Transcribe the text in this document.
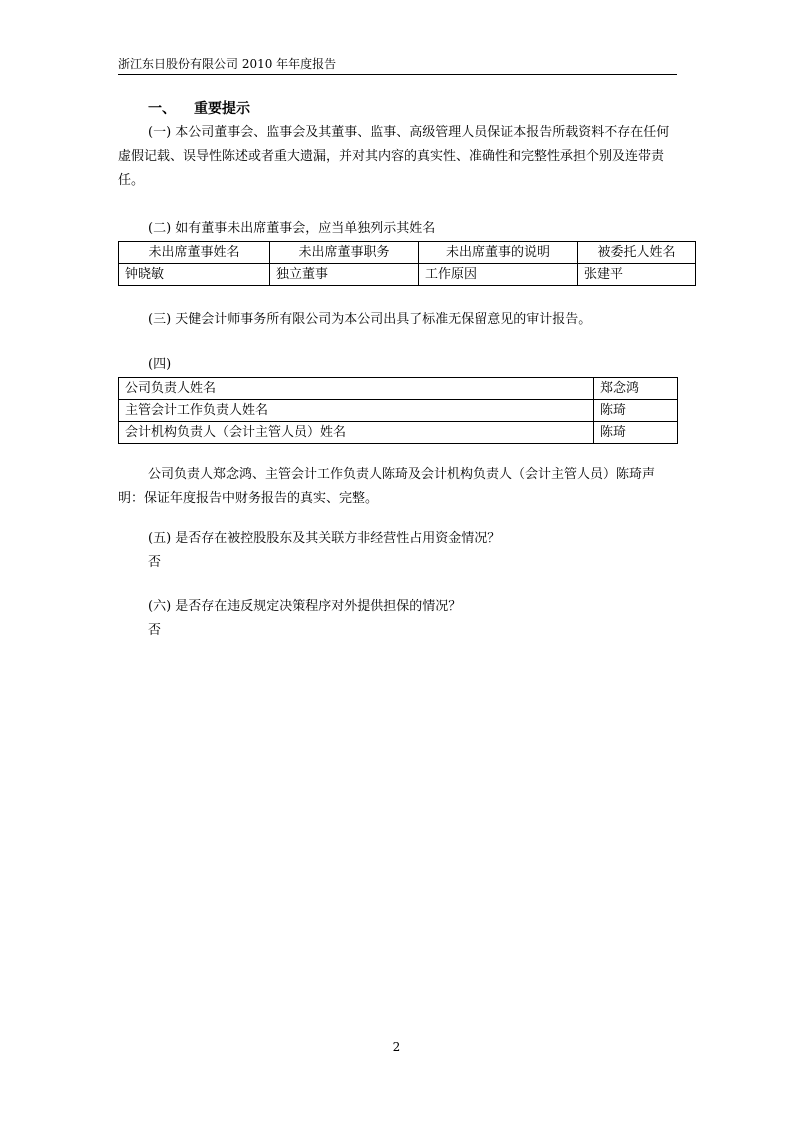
浙江东日股份有限公司 2010 年年度报告
一、 重要提示
(一) 本公司董事会、监事会及其董事、监事、高级管理人员保证本报告所载资料不存在任何虚假记载、误导性陈述或者重大遗漏，并对其内容的真实性、准确性和完整性承担个别及连带责任。
(二) 如有董事未出席董事会，应当单独列示其姓名
未出席董事姓名	未出席董事职务	未出席董事的说明	被委托人姓名
钟晓敏	独立董事	工作原因	张建平
(三) 天健会计师事务所有限公司为本公司出具了标准无保留意见的审计报告。
(四)
公司负责人姓名	郑念鸿
主管会计工作负责人姓名	陈琦
会计机构负责人（会计主管人员）姓名	陈琦
公司负责人郑念鸿、主管会计工作负责人陈琦及会计机构负责人（会计主管人员）陈琦声明：保证年度报告中财务报告的真实、完整。
(五) 是否存在被控股股东及其关联方非经营性占用资金情况？
否
(六) 是否存在违反规定决策程序对外提供担保的情况？
否
2
